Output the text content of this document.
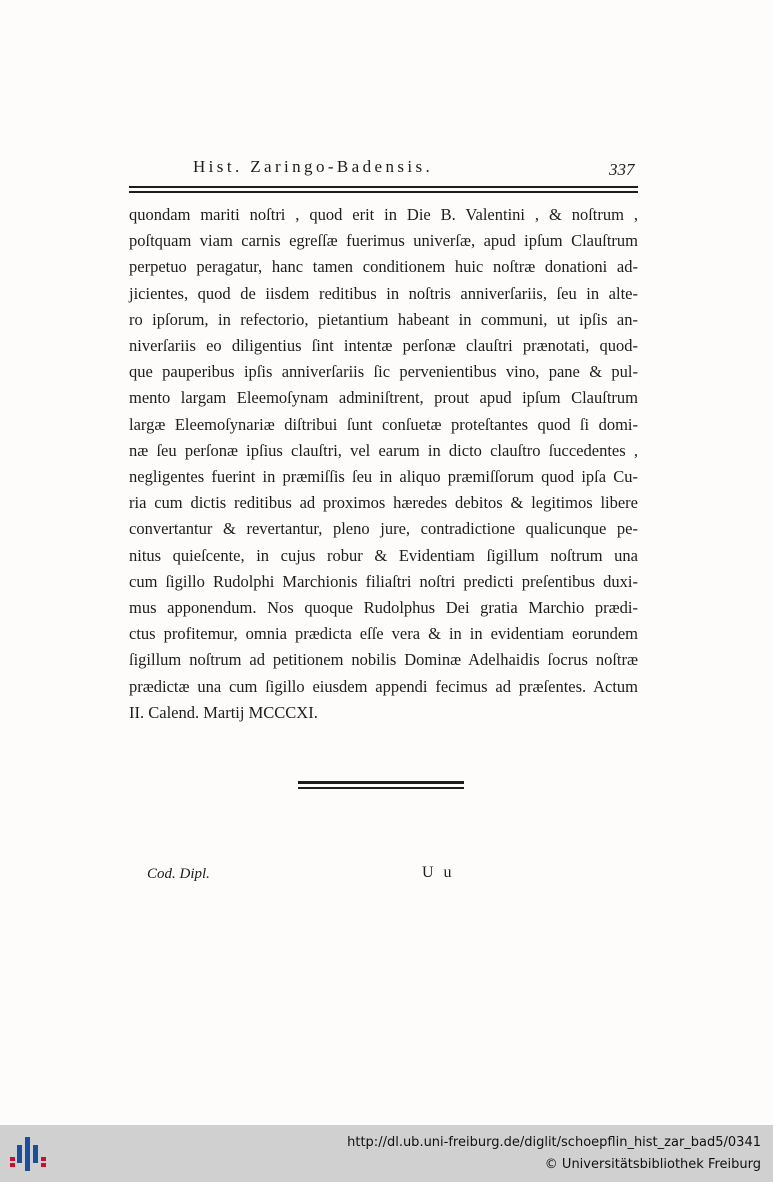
Hist. Zaringo-Badensis.	337
quondam mariti noſtri , quod erit in Die B. Valentini , & noſtrum ,
poſtquam viam carnis egreſſæ fuerimus univerſæ, apud ipſum Clauſtrum
perpetuo peragatur, hanc tamen conditionem huic noſtræ donationi ad-
jicientes, quod de iisdem reditibus in noſtris anniverſariis, ſeu in alte-
ro ipſorum, in refectorio, pietantium habeant in communi, ut ipſis an-
niverſariis eo diligentius ſint intentæ perſonæ clauſtri prænotati, quod-
que pauperibus ipſis anniverſariis ſic pervenientibus vino, pane & pul-
mento largam Eleemoſynam adminiſtrent, prout apud ipſum Clauſtrum
largæ Eleemoſynariæ diſtribui ſunt conſuetæ proteſtantes quod ſi domi-
næ ſeu perſonæ ipſius clauſtri, vel earum in dicto clauſtro ſuccedentes ,
negligentes fuerint in præmiſſis ſeu in aliquo præmiſſorum quod ipſa Cu-
ria cum dictis reditibus ad proximos hæredes debitos & legitimos libere
convertantur & revertantur, pleno jure, contradictione qualicunque pe-
nitus quieſcente, in cujus robur & Evidentiam ſigillum noſtrum una
cum ſigillo Rudolphi Marchionis filiaſtri noſtri predicti preſentibus duxi-
mus apponendum. Nos quoque Rudolphus Dei gratia Marchio prædi-
ctus profitemur, omnia prædicta eſſe vera & in in evidentiam eorundem
ſigillum noſtrum ad petitionem nobilis Dominæ Adelhaidis ſocrus noſtræ
prædictæ una cum ſigillo eiusdem appendi fecimus ad præſentes. Actum
II. Calend. Martij MCCCXI.
Cod. Dipl.	U u
http://dl.ub.uni-freiburg.de/diglit/schoepflin_hist_zar_bad5/0341
© Universitätsbibliothek Freiburg
